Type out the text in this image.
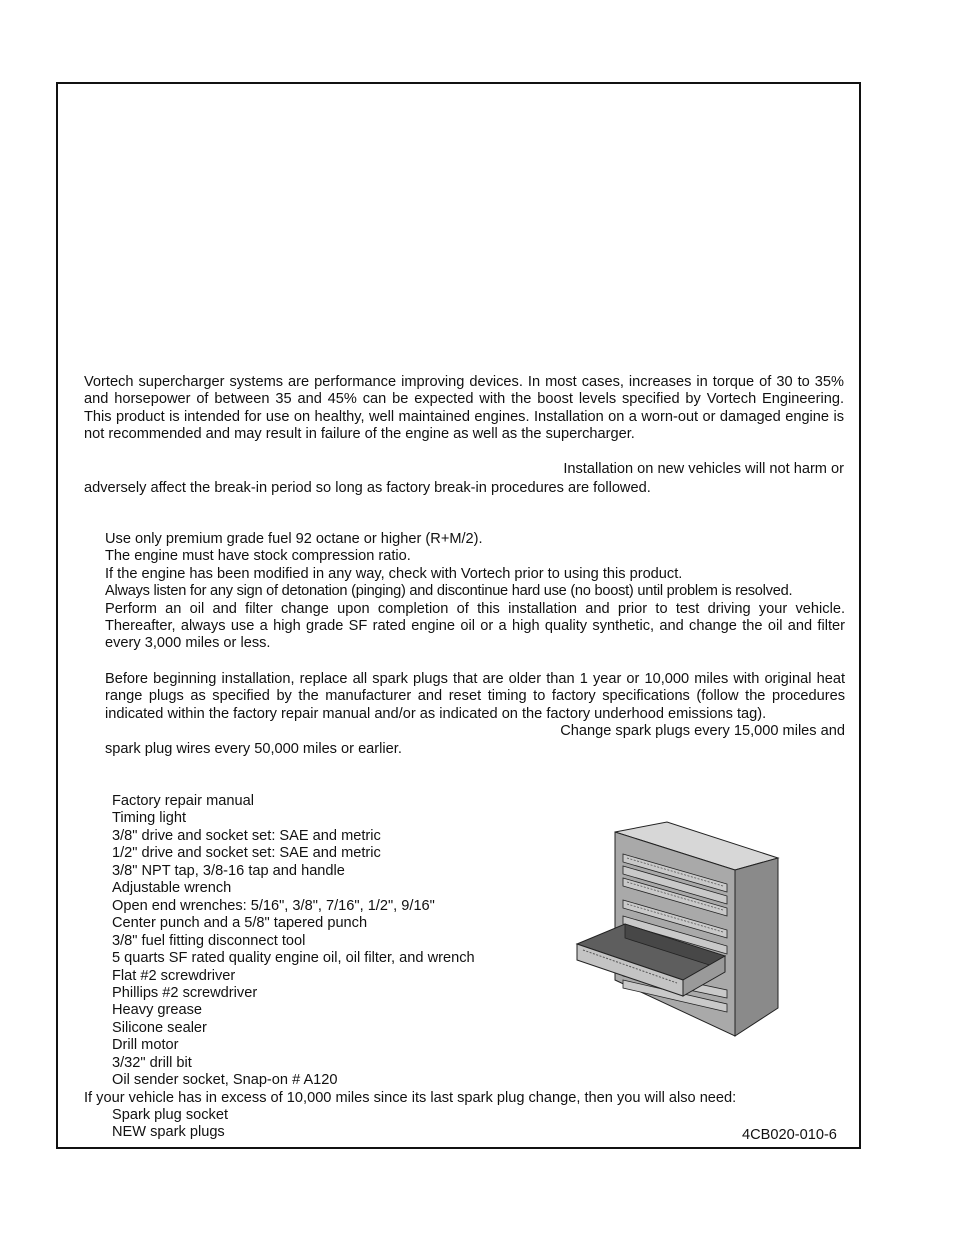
Vortech supercharger systems are performance improving devices. In most cases, increases in torque of 30 to 35% and horsepower of between 35 and 45% can be expected with the boost levels specified by Vortech Engineering. This product is intended for use on healthy, well maintained engines. Installation on a worn-out or damaged engine is not recommended and may result in failure of the engine as well as the supercharger.

Installation on new vehicles will not harm or

adversely affect the break-in period so long as factory break-in procedures are followed.

Use only premium grade fuel 92 octane or higher (R+M/2).

The engine must have stock compression ratio.

If the engine has been modified in any way, check with Vortech prior to using this product.

Always listen for any sign of detonation (pinging) and discontinue hard use (no boost) until problem is resolved.

Perform an oil and filter change upon completion of this installation and prior to test driving your vehicle. Thereafter, always use a high grade SF rated engine oil or a high quality synthetic, and change the oil and filter every 3,000 miles or less.

Before beginning installation, replace all spark plugs that are older than 1 year or 10,000 miles with original heat range plugs as specified by the manufacturer and reset timing to factory specifications (follow the procedures indicated within the factory repair manual and/or as indicated on the factory underhood emissions tag).

Change spark plugs every 15,000 miles and

spark plug wires every 50,000 miles or earlier.

Factory repair manual
Timing light
3/8" drive and socket set: SAE and metric
1/2" drive and socket set: SAE and metric
3/8" NPT tap, 3/8-16 tap and handle
Adjustable wrench
Open end wrenches: 5/16", 3/8", 7/16", 1/2", 9/16"
Center punch and a 5/8" tapered punch
3/8" fuel fitting disconnect tool
5 quarts SF rated quality engine oil, oil filter, and wrench
Flat #2 screwdriver
Phillips #2 screwdriver
Heavy grease
Silicone sealer
Drill motor
3/32" drill bit
Oil sender socket, Snap-on # A120

If your vehicle has in excess of 10,000 miles since its last spark plug change, then you will also need:

Spark plug socket
NEW spark plugs	4CB020-010-6
